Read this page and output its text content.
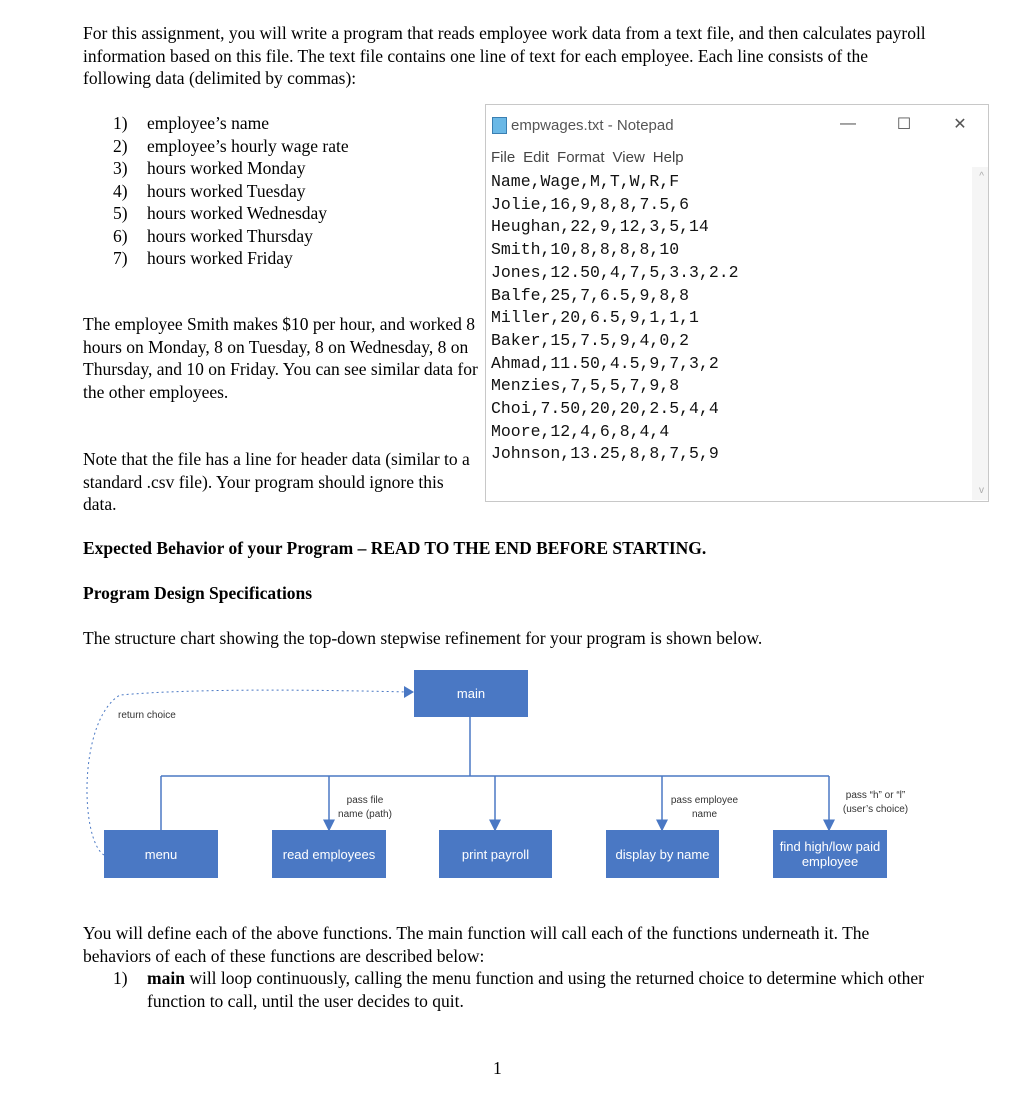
For this assignment, you will write a program that reads employee work data from a text file, and then calculates payroll information based on this file. The text file contains one line of text for each employee. Each line consists of the following data (delimited by commas):
1)	employee’s name
2)	employee’s hourly wage rate
3)	hours worked Monday
4)	hours worked Tuesday
5)	hours worked Wednesday
6)	hours worked Thursday
7)	hours worked Friday
The employee Smith makes $10 per hour, and worked 8 hours on Monday, 8 on Tuesday, 8 on Wednesday, 8 on Thursday, and 10 on Friday. You can see similar data for the other employees.
Note that the file has a line for header data (similar to a standard .csv file). Your program should ignore this data.
empwages.txt - Notepad	—	☐	✕
File Edit Format View Help
Name,Wage,M,T,W,R,F
Jolie,16,9,8,8,7.5,6
Heughan,22,9,12,3,5,14
Smith,10,8,8,8,8,10
Jones,12.50,4,7,5,3.3,2.2
Balfe,25,7,6.5,9,8,8
Miller,20,6.5,9,1,1,1
Baker,15,7.5,9,4,0,2
Ahmad,11.50,4.5,9,7,3,2
Menzies,7,5,5,7,9,8
Choi,7.50,20,20,2.5,4,4
Moore,12,4,6,8,4,4
Johnson,13.25,8,8,7,5,9
^
v
Expected Behavior of your Program – READ TO THE END BEFORE STARTING.
Program Design Specifications
The structure chart showing the top-down stepwise refinement for your program is shown below.
main
return choice
pass file
name (path)
pass employee
name
pass “h” or “l”
(user’s choice)
menu	read employees	print payroll	display by name	find high/low paid employee
You will define each of the above functions. The main function will call each of the functions underneath it. The behaviors of each of these functions are described below:
1)	main will loop continuously, calling the menu function and using the returned choice to determine which other function to call, until the user decides to quit.
1
